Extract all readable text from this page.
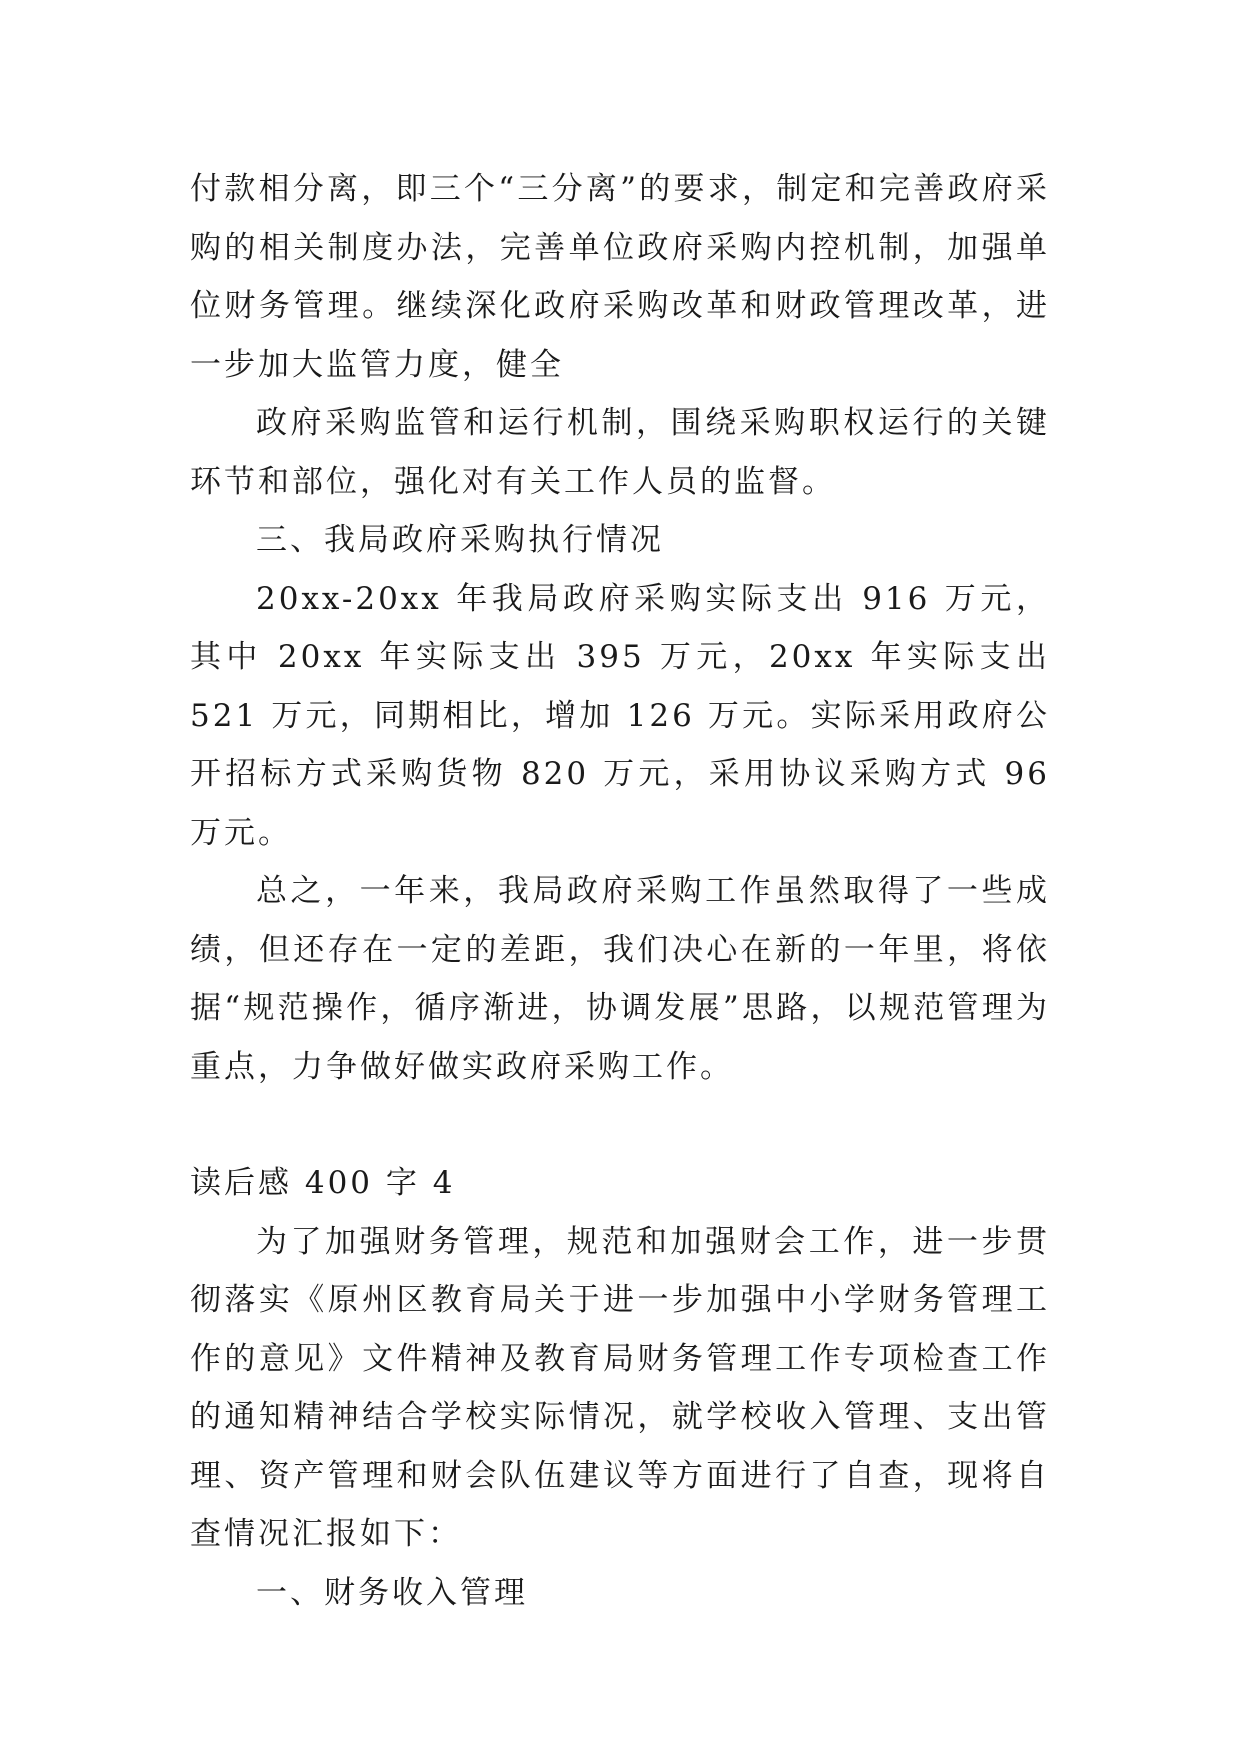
付款相分离，即三个“三分离”的要求，制定和完善政府采购的相关制度办法，完善单位政府采购内控机制，加强单位财务管理。继续深化政府采购改革和财政管理改革，进一步加大监管力度，健全

政府采购监管和运行机制，围绕采购职权运行的关键环节和部位，强化对有关工作人员的监督。

三、我局政府采购执行情况

20xx-20xx 年我局政府采购实际支出 916 万元，其中 20xx 年实际支出 395 万元，20xx 年实际支出 521 万元，同期相比，增加 126 万元。实际采用政府公开招标方式采购货物 820 万元，采用协议采购方式 96 万元。

总之，一年来，我局政府采购工作虽然取得了一些成绩，但还存在一定的差距，我们决心在新的一年里，将依据“规范操作，循序渐进，协调发展”思路，以规范管理为重点，力争做好做实政府采购工作。

读后感 400 字 4

为了加强财务管理，规范和加强财会工作，进一步贯彻落实《原州区教育局关于进一步加强中小学财务管理工作的意见》文件精神及教育局财务管理工作专项检查工作的通知精神结合学校实际情况，就学校收入管理、支出管理、资产管理和财会队伍建议等方面进行了自查，现将自查情况汇报如下：

一、财务收入管理
